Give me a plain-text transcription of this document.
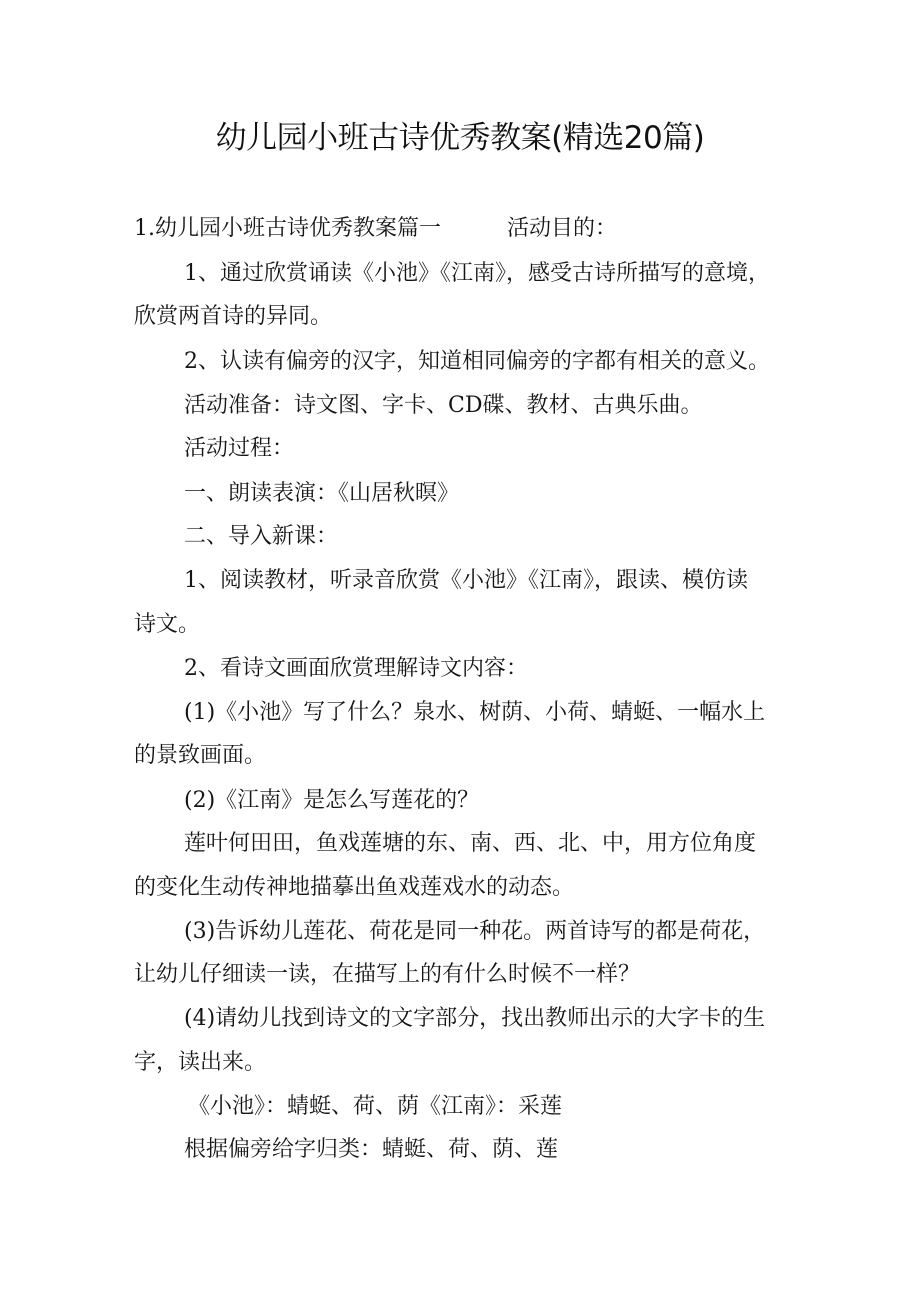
幼儿园小班古诗优秀教案(精选20篇)
1.幼儿园小班古诗优秀教案篇一	活动目的：
1、通过欣赏诵读《小池》《江南》，感受古诗所描写的意境，
欣赏两首诗的异同。
2、认读有偏旁的汉字，知道相同偏旁的字都有相关的意义。
活动准备：诗文图、字卡、CD碟、教材、古典乐曲。
活动过程：
一、朗读表演：《山居秋暝》
二、导入新课：
1、阅读教材，听录音欣赏《小池》《江南》，跟读、模仿读
诗文。
2、看诗文画面欣赏理解诗文内容：
(1)《小池》写了什么？泉水、树荫、小荷、蜻蜓、一幅水上
的景致画面。
(2)《江南》是怎么写莲花的？
莲叶何田田，鱼戏莲塘的东、南、西、北、中，用方位角度
的变化生动传神地描摹出鱼戏莲戏水的动态。
(3)告诉幼儿莲花、荷花是同一种花。两首诗写的都是荷花，
让幼儿仔细读一读，在描写上的有什么时候不一样？
(4)请幼儿找到诗文的文字部分，找出教师出示的大字卡的生
字，读出来。
《小池》：蜻蜓、荷、荫《江南》：采莲
根据偏旁给字归类：蜻蜓、荷、荫、莲
